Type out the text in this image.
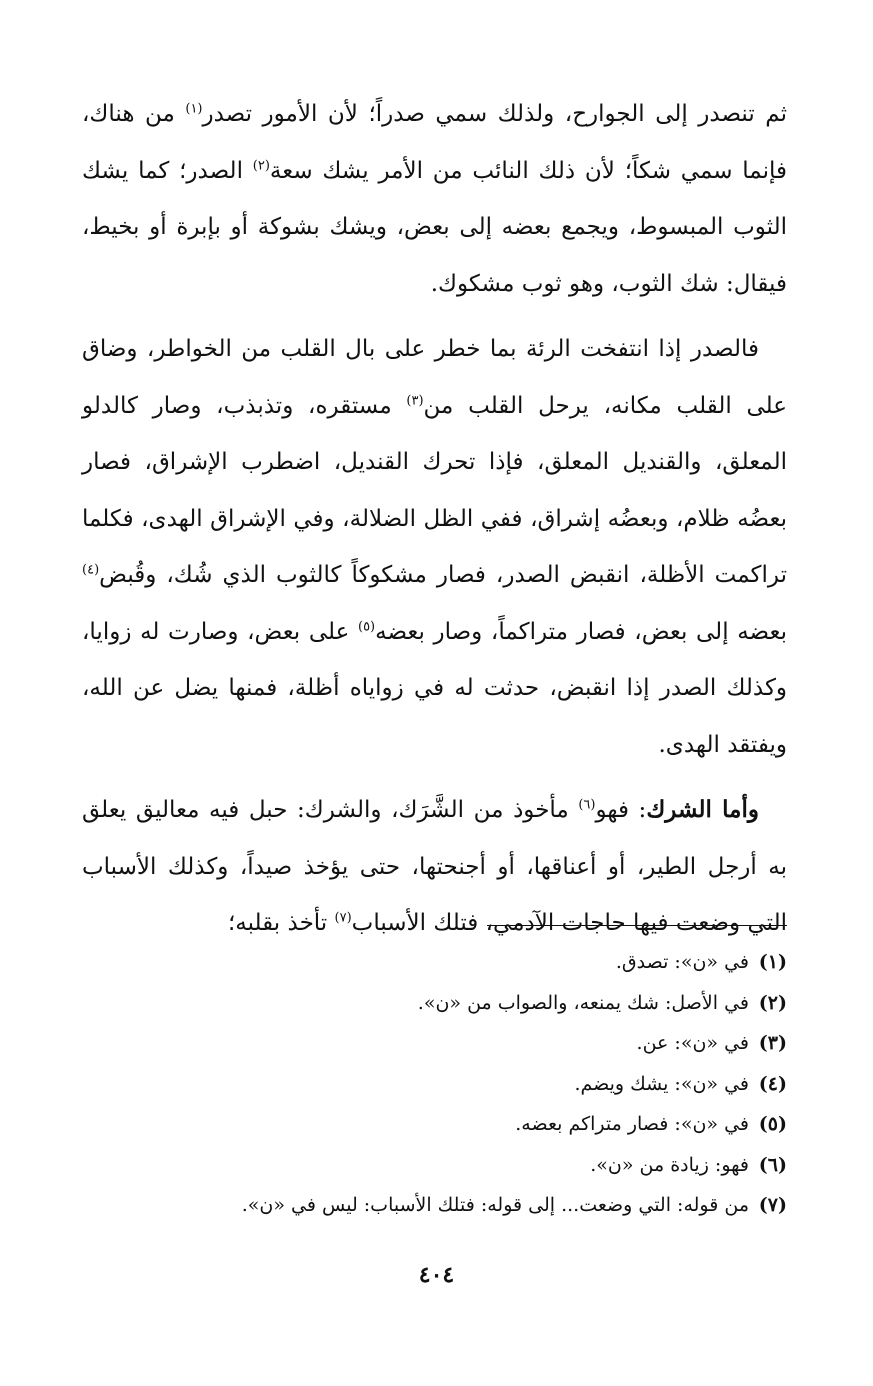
ثم تنصدر إلى الجوارح، ولذلك سمي صدراً؛ لأن الأمور تصدر$^{(١)}$ من هناك، فإنما سمي شكاً؛ لأن ذلك النائب من الأمر يشك سعة$^{(٢)}$ الصدر؛ كما يشك الثوب المبسوط، ويجمع بعضه إلى بعض، ويشك بشوكة أو بإبرة أو بخيط، فيقال: شك الثوب، وهو ثوب مشكوك.

فالصدر إذا انتفخت الرئة بما خطر على بال القلب من الخواطر، وضاق على القلب مكانه، يرحل القلب من$^{(٣)}$ مستقره، وتذبذب، وصار كالدلو المعلق، والقنديل المعلق، فإذا تحرك القنديل، اضطرب الإشراق، فصار بعضُه ظلام، وبعضُه إشراق، ففي الظل الضلالة، وفي الإشراق الهدى، فكلما تراكمت الأظلة، انقبض الصدر، فصار مشكوكاً كالثوب الذي شُك، وقُبض$^{(٤)}$ بعضه إلى بعض، فصار متراكماً، وصار بعضه$^{(٥)}$ على بعض، وصارت له زوايا، وكذلك الصدر إذا انقبض، حدثت له في زواياه أظلة، فمنها يضل عن الله، ويفتقد الهدى.

وأما الشرك: فهو$^{(٦)}$ مأخوذ من الشَّرَك، والشرك: حبل فيه معاليق يعلق به أرجل الطير، أو أعناقها، أو أجنحتها، حتى يؤخذ صيداً، وكذلك الأسباب التي وضعت فيها حاجات الآدمي، فتلك الأسباب$^{(٧)}$ تأخذ بقلبه؛

(١)
في «ن»: تصدق.
(٢)
في الأصل: شك يمنعه، والصواب من «ن».
(٣)
في «ن»: عن.
(٤)
في «ن»: يشك ويضم.
(٥)
في «ن»: فصار متراكم بعضه.
(٦)
فهو: زيادة من «ن».
(٧)
من قوله: التي وضعت... إلى قوله: فتلك الأسباب: ليس في «ن».
٤٠٤
